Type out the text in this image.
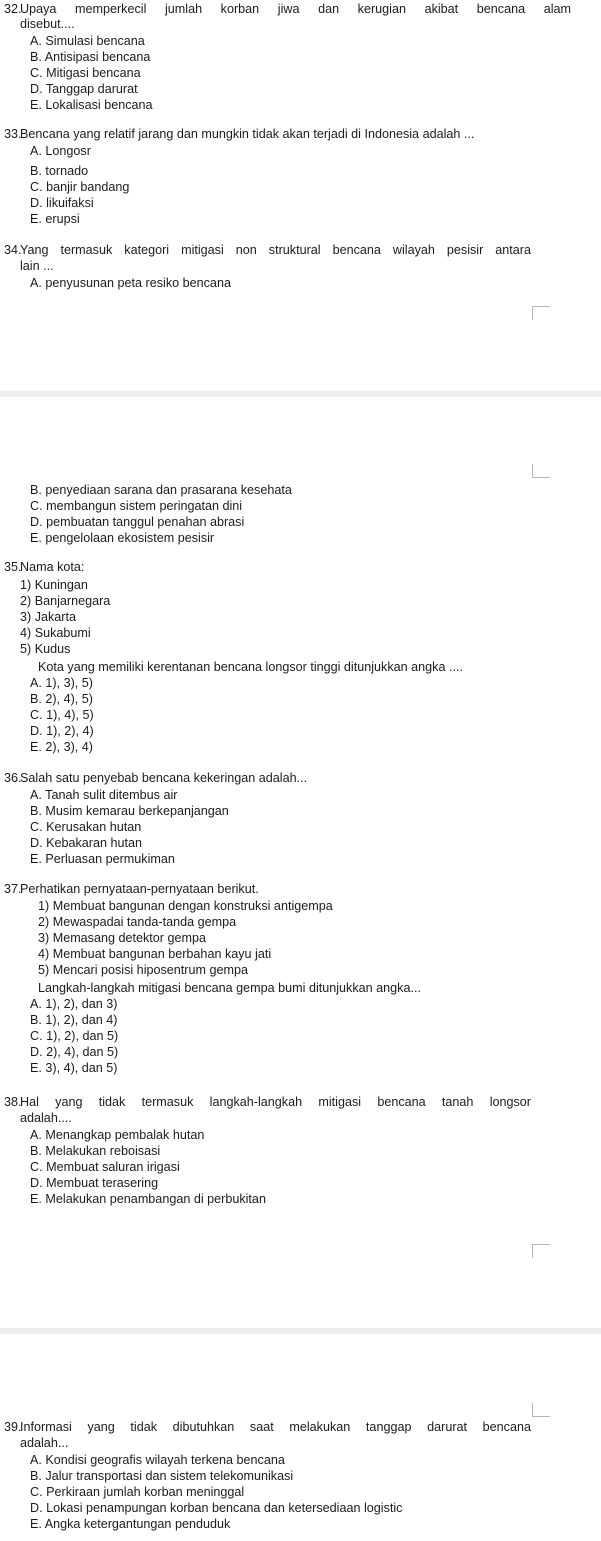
32.
Upaya memperkecil jumlah korban jiwa dan kerugian akibat bencana alam
disebut....
A. Simulasi bencana
B. Antisipasi bencana
C. Mitigasi bencana
D. Tanggap darurat
E. Lokalisasi bencana
33.
Bencana yang relatif jarang dan mungkin tidak akan terjadi di Indonesia adalah ...
A. Longosr
B. tornado
C. banjir bandang
D. likuifaksi
E. erupsi
34.
Yang termasuk kategori mitigasi non struktural bencana wilayah pesisir antara
lain ...
A. penyusunan peta resiko bencana
B. penyediaan sarana dan prasarana kesehata
C. membangun sistem peringatan dini
D. pembuatan tanggul penahan abrasi
E. pengelolaan ekosistem pesisir
35.
Nama kota:
1) Kuningan
2) Banjarnegara
3) Jakarta
4) Sukabumi
5) Kudus
Kota yang memiliki kerentanan bencana longsor tinggi ditunjukkan angka ....
A. 1), 3), 5)
B. 2), 4), 5)
C. 1), 4), 5)
D. 1), 2), 4)
E. 2), 3), 4)
36.
Salah satu penyebab bencana kekeringan adalah...
A. Tanah sulit ditembus air
B. Musim kemarau berkepanjangan
C. Kerusakan hutan
D. Kebakaran hutan
E. Perluasan permukiman
37.
Perhatikan pernyataan-pernyataan berikut.
1) Membuat bangunan dengan konstruksi antigempa
2) Mewaspadai tanda-tanda gempa
3) Memasang detektor gempa
4) Membuat bangunan berbahan kayu jati
5) Mencari posisi hiposentrum gempa
Langkah-langkah mitigasi bencana gempa bumi ditunjukkan angka...
A. 1), 2), dan 3)
B. 1), 2), dan 4)
C. 1), 2), dan 5)
D. 2), 4), dan 5)
E. 3), 4), dan 5)
38.
Hal yang tidak termasuk langkah-langkah mitigasi bencana tanah longsor
adalah....
A. Menangkap pembalak hutan
B. Melakukan reboisasi
C. Membuat saluran irigasi
D. Membuat terasering
E. Melakukan penambangan di perbukitan
39.
Informasi yang tidak dibutuhkan saat melakukan tanggap darurat bencana
adalah...
A. Kondisi geografis wilayah terkena bencana
B. Jalur transportasi dan sistem telekomunikasi
C. Perkiraan jumlah korban meninggal
D. Lokasi penampungan korban bencana dan ketersediaan logistic
E. Angka ketergantungan penduduk
